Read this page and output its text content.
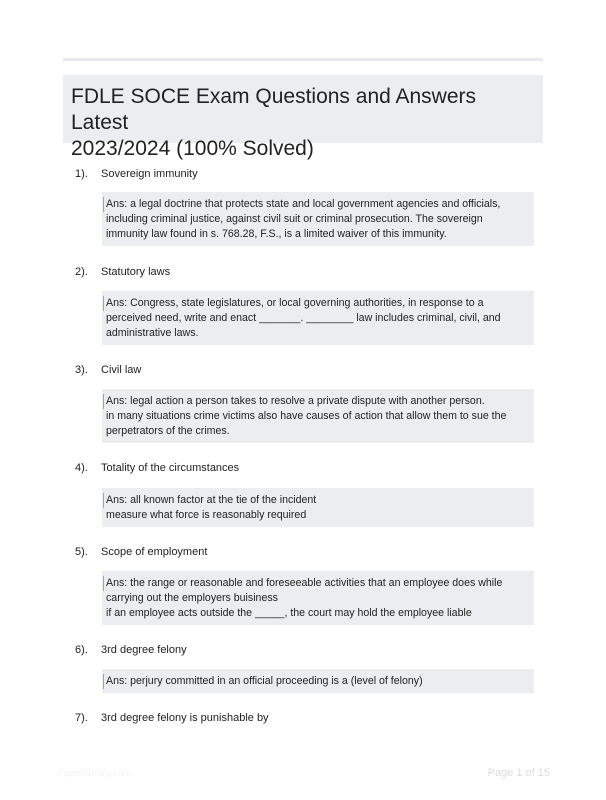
FDLE SOCE Exam Questions and Answers Latest
2023/2024 (100% Solved)
1). Sovereign immunity
Ans: a legal doctrine that protects state and local government agencies and officials,
including criminal justice, against civil suit or criminal prosecution. The sovereign
immunity law found in s. 768.28, F.S., is a limited waiver of this immunity.
2). Statutory laws
Ans: Congress, state legislatures, or local governing authorities, in response to a
perceived need, write and enact _______. ________ law includes criminal, civil, and
administrative laws.
3). Civil law
Ans: legal action a person takes to resolve a private dispute with another person.
in many situations crime victims also have causes of action that allow them to sue the
perpetrators of the crimes.
4). Totality of the circumstances
Ans: all known factor at the tie of the incident
measure what force is reasonably required
5). Scope of employment
Ans: the range or reasonable and foreseeable activities that an employee does while
carrying out the employers buisiness
if an employee acts outside the _____, the court may hold the employee liable
6). 3rd degree felony
Ans: perjury committed in an official proceeding is a (level of felony)
7). 3rd degree felony is punishable by
Paperlibrary.com	Page 1 of 15
